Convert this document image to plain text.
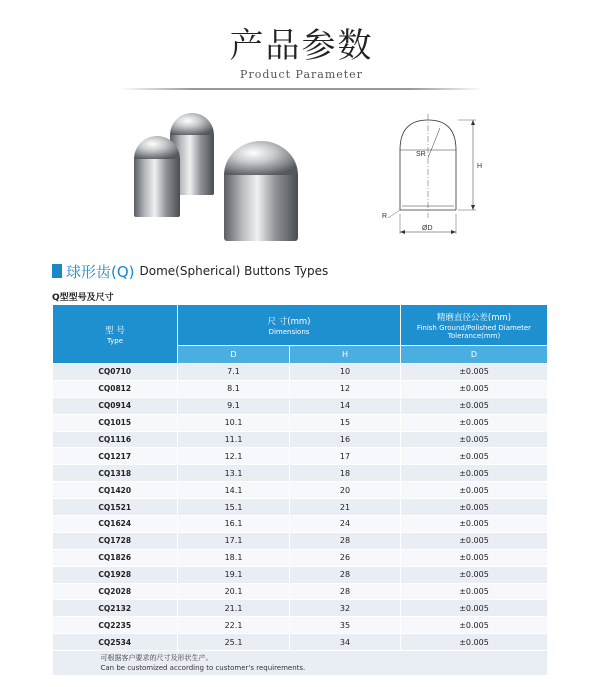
产品参数
Product Parameter
SR
H
R
ØD
球形齿(Q) Dome(Spherical) Buttons Types
Q型型号及尺寸
型 号
Type	尺 寸(mm)
Dimensions		精磨直径公差(mm)
Finish Ground/Polished Diameter Tolerance(mm)

	D	H	D
CQ0710	7.1	10	±0.005
CQ0812	8.1	12	±0.005
CQ0914	9.1	14	±0.005
CQ1015	10.1	15	±0.005
CQ1116	11.1	16	±0.005
CQ1217	12.1	17	±0.005
CQ1318	13.1	18	±0.005
CQ1420	14.1	20	±0.005
CQ1521	15.1	21	±0.005
CQ1624	16.1	24	±0.005
CQ1728	17.1	28	±0.005
CQ1826	18.1	26	±0.005
CQ1928	19.1	28	±0.005
CQ2028	20.1	28	±0.005
CQ2132	21.1	32	±0.005
CQ2235	22.1	35	±0.005
CQ2534	25.1	34	±0.005
可根据客户要求的尺寸及形状生产。
Can be customized according to customer's requirements.			
